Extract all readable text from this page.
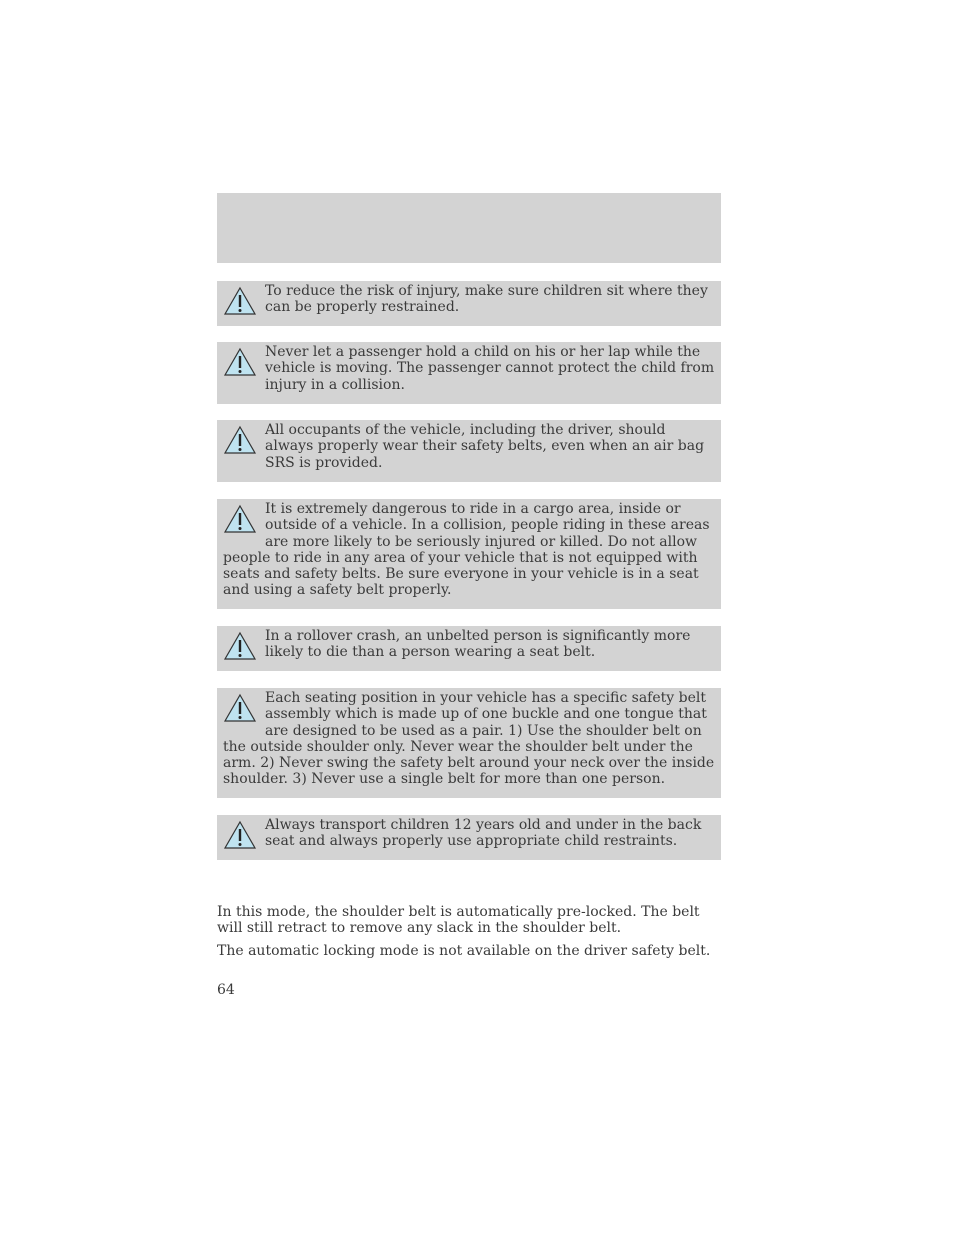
To reduce the risk of injury, make sure children sit where they can be properly restrained.
Never let a passenger hold a child on his or her lap while the vehicle is moving. The passenger cannot protect the child from injury in a collision.
All occupants of the vehicle, including the driver, should always properly wear their safety belts, even when an air bag SRS is provided.
It is extremely dangerous to ride in a cargo area, inside or outside of a vehicle. In a collision, people riding in these areas are more likely to be seriously injured or killed. Do not allow people to ride in any area of your vehicle that is not equipped with seats and safety belts. Be sure everyone in your vehicle is in a seat and using a safety belt properly.
In a rollover crash, an unbelted person is significantly more likely to die than a person wearing a seat belt.
Each seating position in your vehicle has a specific safety belt assembly which is made up of one buckle and one tongue that are designed to be used as a pair. 1) Use the shoulder belt on the outside shoulder only. Never wear the shoulder belt under the arm. 2) Never swing the safety belt around your neck over the inside shoulder. 3) Never use a single belt for more than one person.
Always transport children 12 years old and under in the back seat and always properly use appropriate child restraints.

In this mode, the shoulder belt is automatically pre-locked. The belt will still retract to remove any slack in the shoulder belt.

The automatic locking mode is not available on the driver safety belt.

64
